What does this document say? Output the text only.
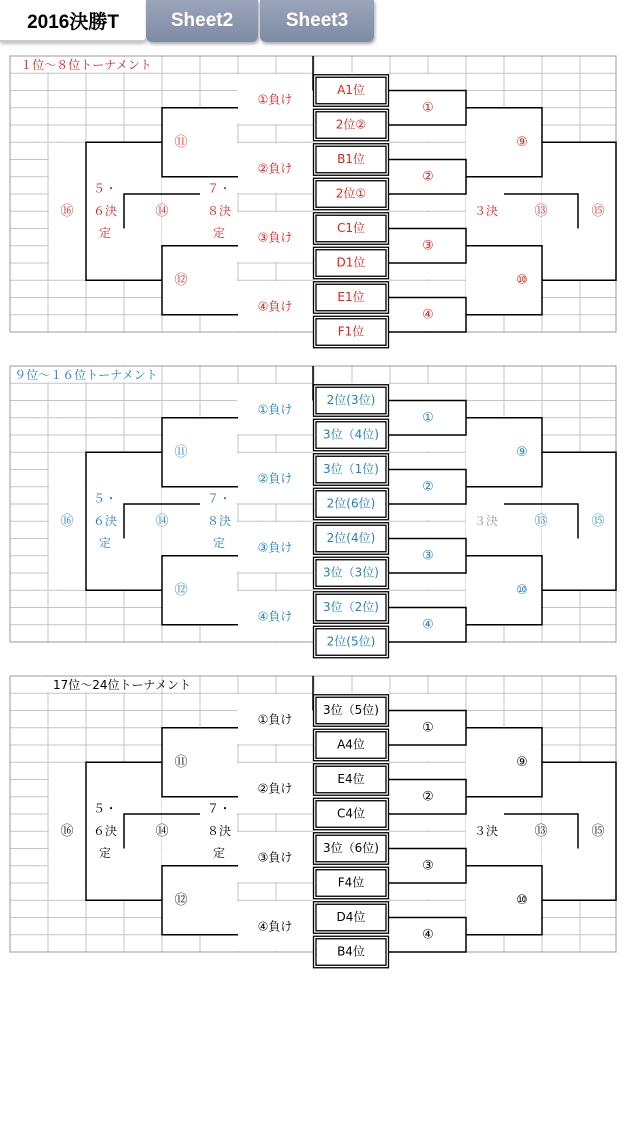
2016決勝T	Sheet2	Sheet3
A1位
2位②
B1位
2位①
C1位
D1位
E1位
F1位
１位～８位トーナメント
①負け
②負け
③負け
④負け
①
②
③
④
⑨
⑩
⑬	⑮
３決
⑪
⑫
⑭
⑯
５・
６決
定
７・
８決
定
2位(3位)
3位（4位)
3位（1位)
2位(6位)
2位(4位)
3位（3位)
3位（2位)
2位(5位)
９位～１６位トーナメント
①負け
②負け
③負け
④負け
①
②
③
④
⑨
⑩
⑬	⑮
３決
⑪
⑫
⑭
⑯
５・
６決
定
７・
８決
定
3位（5位)
A4位
E4位
C4位
3位（6位)
F4位
D4位
B4位
17位〜24位トーナメント
①負け
②負け
③負け
④負け
①
②
③
④
⑨
⑩
⑬	⑮
３決
⑪
⑫
⑭
⑯
５・
６決
定
７・
８決
定
